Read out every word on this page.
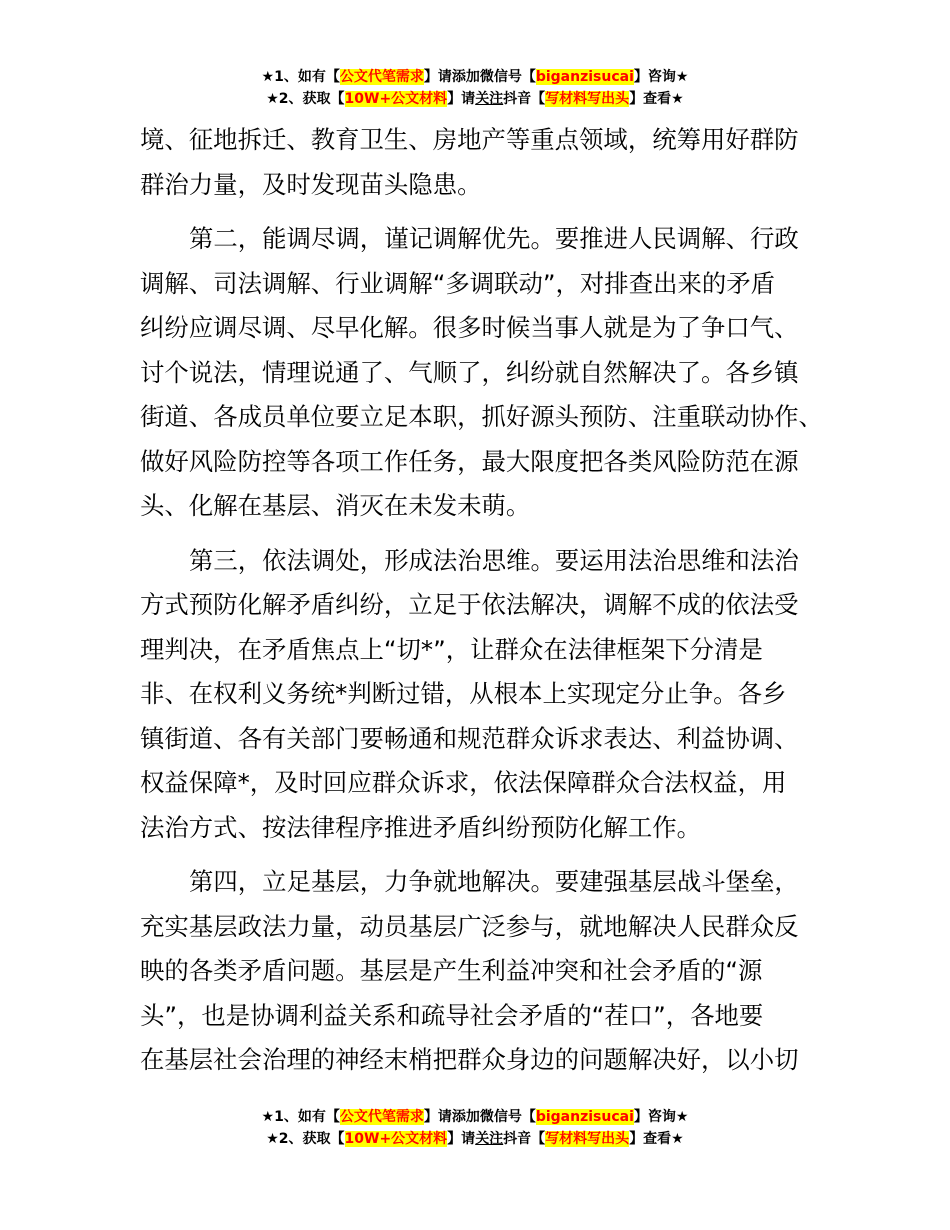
★1、如有【公文代笔需求】请添加微信号【biganzisucai】咨询★
★2、获取【10W+公文材料】请关注抖音【写材料写出头】查看★

境、征地拆迁、教育卫生、房地产等重点领域，统筹用好群防
群治力量，及时发现苗头隐患。

第二，能调尽调，谨记调解优先。要推进人民调解、行政
调解、司法调解、行业调解“多调联动”，对排查出来的矛盾
纠纷应调尽调、尽早化解。很多时候当事人就是为了争口气、
讨个说法，情理说通了、气顺了，纠纷就自然解决了。各乡镇
街道、各成员单位要立足本职，抓好源头预防、注重联动协作、
做好风险防控等各项工作任务，最大限度把各类风险防范在源
头、化解在基层、消灭在未发未萌。

第三，依法调处，形成法治思维。要运用法治思维和法治
方式预防化解矛盾纠纷，立足于依法解决，调解不成的依法受
理判决，在矛盾焦点上“切*”，让群众在法律框架下分清是
非、在权利义务统*判断过错，从根本上实现定分止争。各乡
镇街道、各有关部门要畅通和规范群众诉求表达、利益协调、
权益保障*，及时回应群众诉求，依法保障群众合法权益，用
法治方式、按法律程序推进矛盾纠纷预防化解工作。

第四，立足基层，力争就地解决。要建强基层战斗堡垒，
充实基层政法力量，动员基层广泛参与，就地解决人民群众反
映的各类矛盾问题。基层是产生利益冲突和社会矛盾的“源
头”，也是协调利益关系和疏导社会矛盾的“茬口”，各地要
在基层社会治理的神经末梢把群众身边的问题解决好，以小切

★1、如有【公文代笔需求】请添加微信号【biganzisucai】咨询★
★2、获取【10W+公文材料】请关注抖音【写材料写出头】查看★
